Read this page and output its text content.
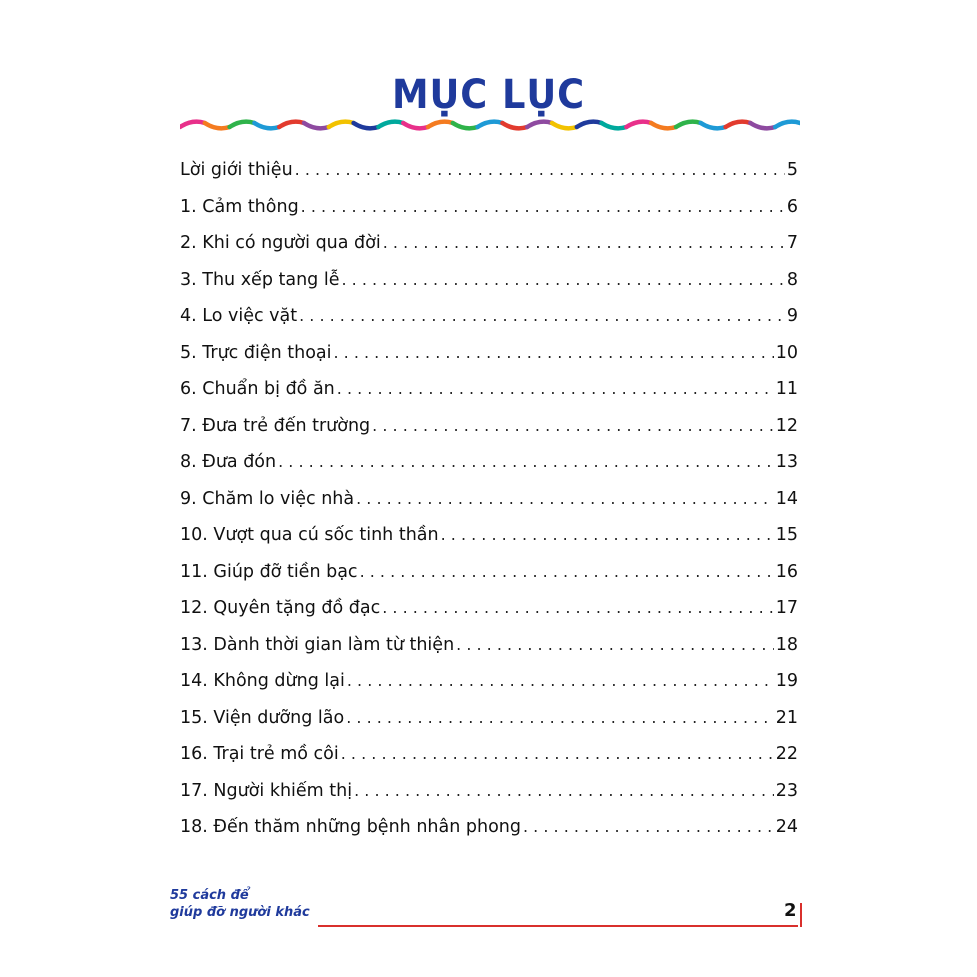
MỤC LỤC
Lời giới thiệu . . .	5
1. Cảm thông . . .	6
2. Khi có người qua đời . . .	7
3. Thu xếp tang lễ . . .	8
4. Lo việc vặt . . .	9
5. Trực điện thoại . . .	10
6. Chuẩn bị đồ ăn . . .	11
7. Đưa trẻ đến trường . . .	12
8. Đưa đón . . .	13
9. Chăm lo việc nhà . . .	14
10. Vượt qua cú sốc tinh thần . . .	15
11. Giúp đỡ tiền bạc . . .	16
12. Quyên tặng đồ đạc . . .	17
13. Dành thời gian làm từ thiện . . .	18
14. Không dừng lại . . .	19
15. Viện dưỡng lão . . .	21
16. Trại trẻ mồ côi . . .	22
17. Người khiếm thị . . .	23
18. Đến thăm những bệnh nhân phong . . .	24
55 cách để
giúp đỡ người khác	2
